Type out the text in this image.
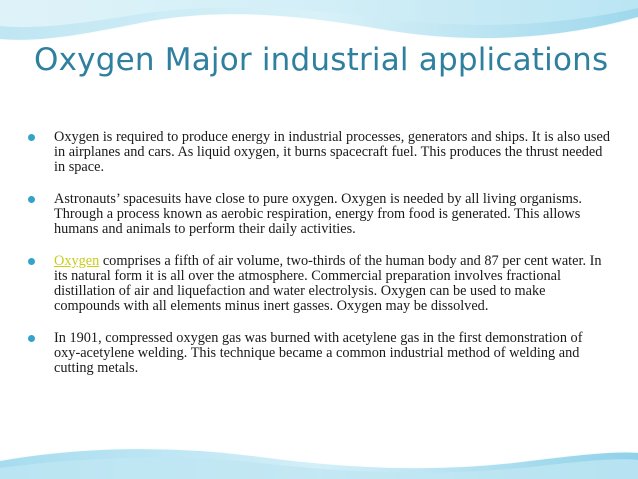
Oxygen Major industrial applications
Oxygen is required to produce energy in industrial processes, generators and ships. It is also used in airplanes and cars. As liquid oxygen, it burns spacecraft fuel. This produces the thrust needed in space.
Astronauts’ spacesuits have close to pure oxygen. Oxygen is needed by all living organisms. Through a process known as aerobic respiration, energy from food is generated. This allows humans and animals to perform their daily activities.
Oxygen comprises a fifth of air volume, two-thirds of the human body and 87 per cent water. In its natural form it is all over the atmosphere. Commercial preparation involves fractional distillation of air and liquefaction and water electrolysis. Oxygen can be used to make compounds with all elements minus inert gasses. Oxygen may be dissolved.
In 1901, compressed oxygen gas was burned with acetylene gas in the first demonstration of oxy-acetylene welding. This technique became a common industrial method of welding and cutting metals.
